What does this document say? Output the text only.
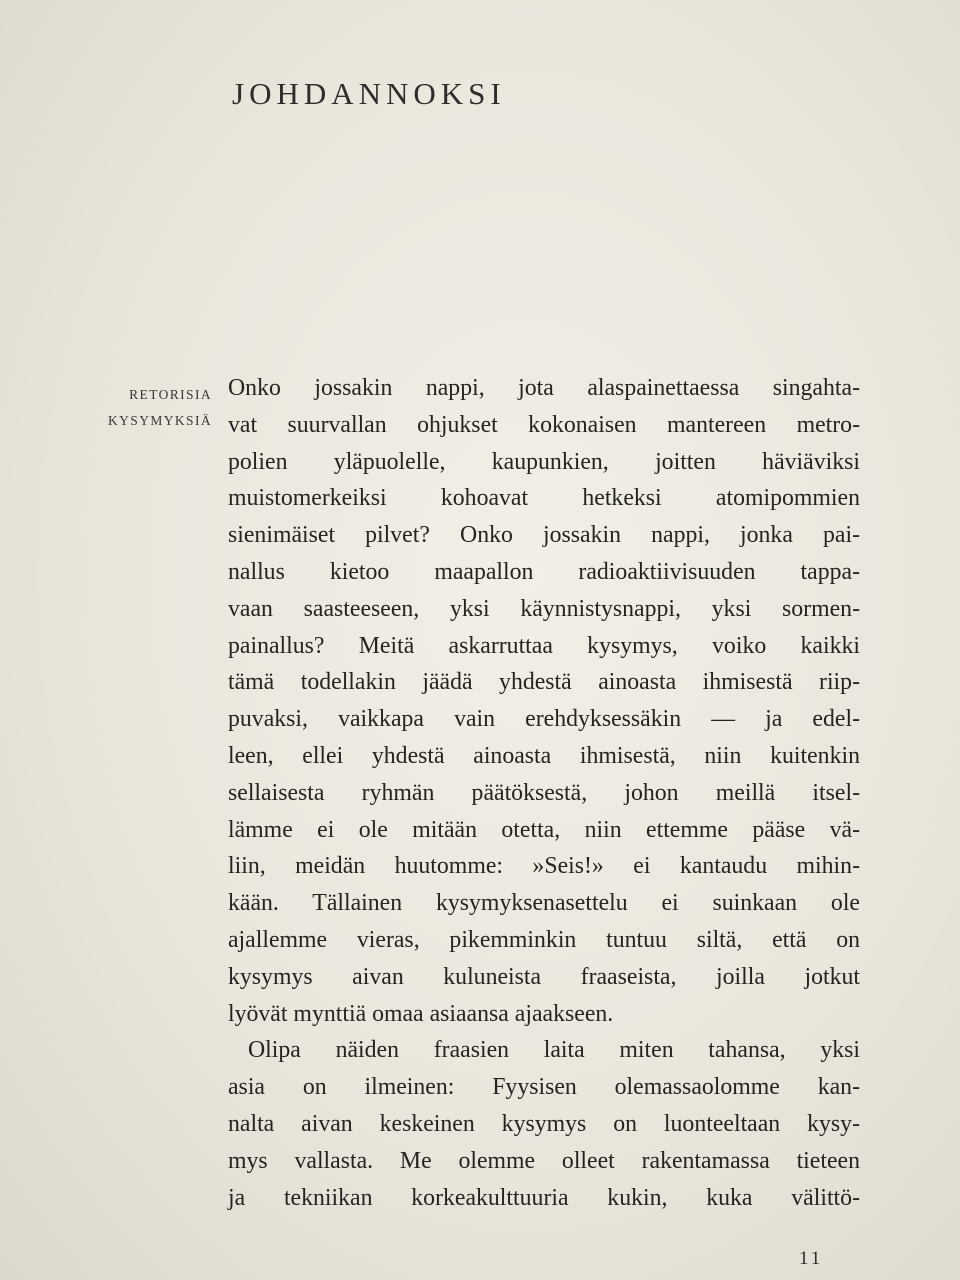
JOHDANNOKSI
RETORISIA
KYSYMYKSIÄ
Onko jossakin nappi, jota alaspainettaessa singahta-
vat suurvallan ohjukset kokonaisen mantereen metro-
polien yläpuolelle, kaupunkien, joitten häviäviksi
muistomerkeiksi kohoavat hetkeksi atomipommien
sienimäiset pilvet? Onko jossakin nappi, jonka pai-
nallus kietoo maapallon radioaktiivisuuden tappa-
vaan saasteeseen, yksi käynnistysnappi, yksi sormen-
painallus? Meitä askarruttaa kysymys, voiko kaikki
tämä todellakin jäädä yhdestä ainoasta ihmisestä riip-
puvaksi, vaikkapa vain erehdyksessäkin — ja edel-
leen, ellei yhdestä ainoasta ihmisestä, niin kuitenkin
sellaisesta ryhmän päätöksestä, johon meillä itsel-
lämme ei ole mitään otetta, niin ettemme pääse vä-
liin, meidän huutomme: »Seis!» ei kantaudu mihin-
kään. Tällainen kysymyksenasettelu ei suinkaan ole
ajallemme vieras, pikemminkin tuntuu siltä, että on
kysymys aivan kuluneista fraaseista, joilla jotkut
lyövät mynttiä omaa asiaansa ajaakseen.
Olipa näiden fraasien laita miten tahansa, yksi
asia on ilmeinen: Fyysisen olemassaolomme kan-
nalta aivan keskeinen kysymys on luonteeltaan kysy-
mys vallasta. Me olemme olleet rakentamassa tieteen
ja tekniikan korkeakulttuuria kukin, kuka välittö-
11
